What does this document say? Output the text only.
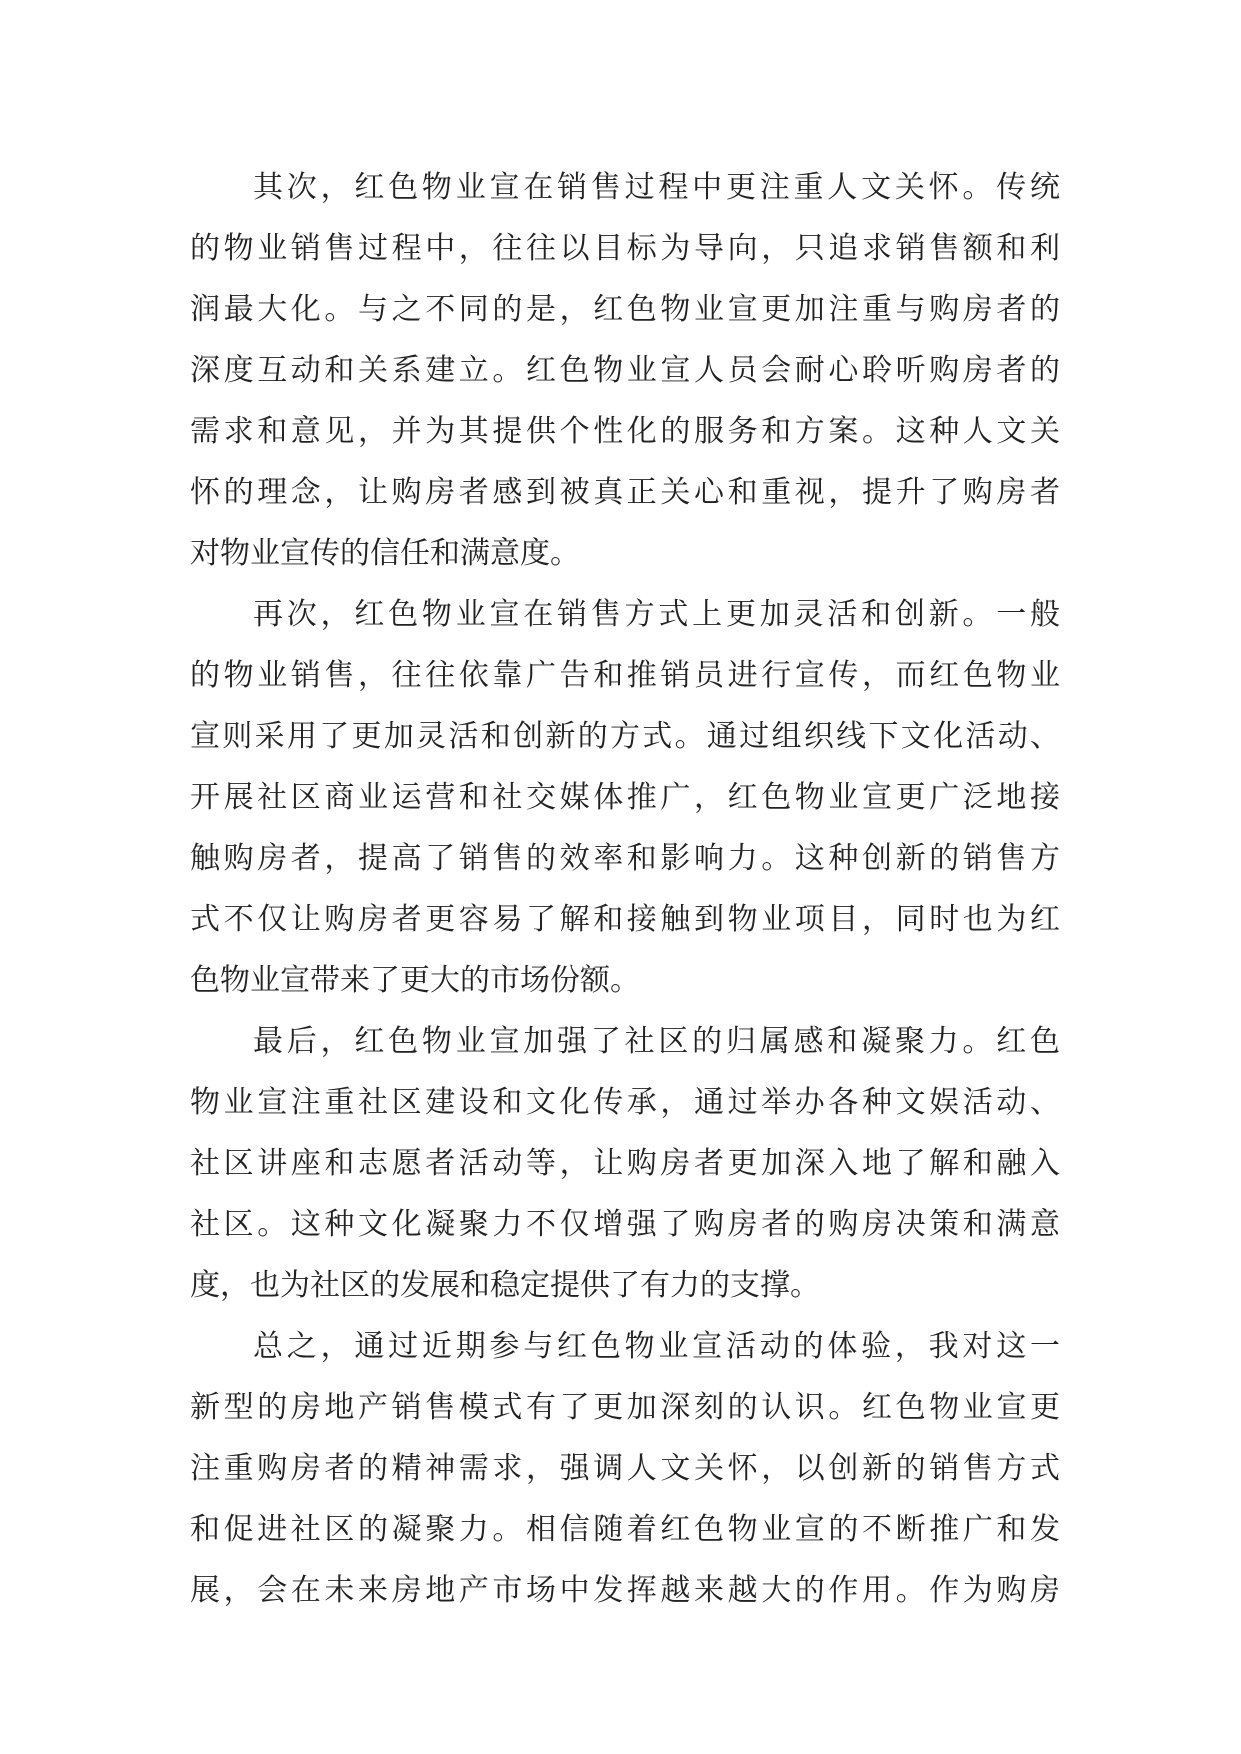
其次，红色物业宣在销售过程中更注重人文关怀。传统
的物业销售过程中，往往以目标为导向，只追求销售额和利
润最大化。与之不同的是，红色物业宣更加注重与购房者的
深度互动和关系建立。红色物业宣人员会耐心聆听购房者的
需求和意见，并为其提供个性化的服务和方案。这种人文关
怀的理念，让购房者感到被真正关心和重视，提升了购房者
对物业宣传的信任和满意度。
再次，红色物业宣在销售方式上更加灵活和创新。一般
的物业销售，往往依靠广告和推销员进行宣传，而红色物业
宣则采用了更加灵活和创新的方式。通过组织线下文化活动、
开展社区商业运营和社交媒体推广，红色物业宣更广泛地接
触购房者，提高了销售的效率和影响力。这种创新的销售方
式不仅让购房者更容易了解和接触到物业项目，同时也为红
色物业宣带来了更大的市场份额。
最后，红色物业宣加强了社区的归属感和凝聚力。红色
物业宣注重社区建设和文化传承，通过举办各种文娱活动、
社区讲座和志愿者活动等，让购房者更加深入地了解和融入
社区。这种文化凝聚力不仅增强了购房者的购房决策和满意
度，也为社区的发展和稳定提供了有力的支撑。
总之，通过近期参与红色物业宣活动的体验，我对这一
新型的房地产销售模式有了更加深刻的认识。红色物业宣更
注重购房者的精神需求，强调人文关怀，以创新的销售方式
和促进社区的凝聚力。相信随着红色物业宣的不断推广和发
展，会在未来房地产市场中发挥越来越大的作用。作为购房
